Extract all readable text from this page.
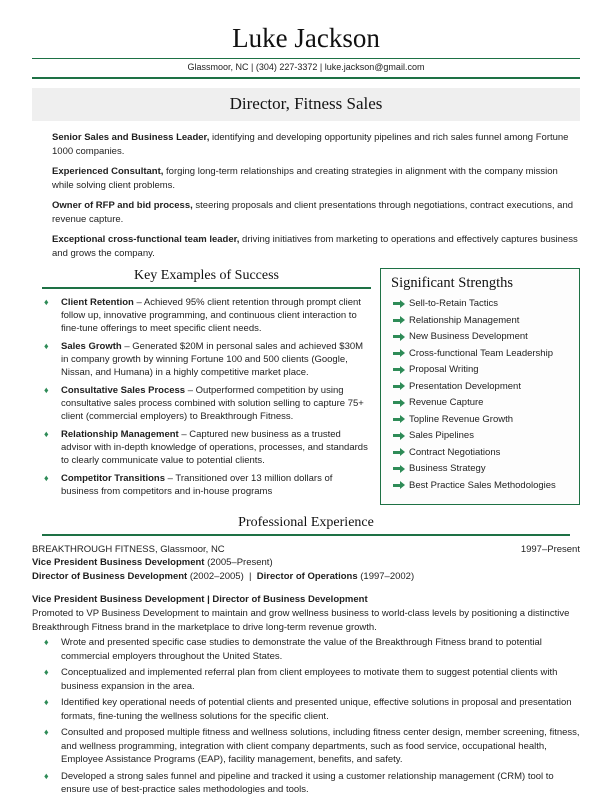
Luke Jackson
Glassmoor, NC | (304) 227-3372 | luke.jackson@gmail.com
Director, Fitness Sales

Senior Sales and Business Leader, identifying and developing opportunity pipelines and rich sales funnel among Fortune 1000 companies.

Experienced Consultant, forging long-term relationships and creating strategies in alignment with the company mission while solving client problems.

Owner of RFP and bid process, steering proposals and client presentations through negotiations, contract executions, and revenue capture.

Exceptional cross-functional team leader, driving initiatives from marketing to operations and effectively captures business and grows the company.

Key Examples of Success
♦	Client Retention – Achieved 95% client retention through prompt client follow up, innovative programming, and continuous client interaction to fine-tune offerings to meet specific client needs.
♦	Sales Growth – Generated $20M in personal sales and achieved $30M in company growth by winning Fortune 100 and 500 clients (Google, Nissan, and Humana) in a highly competitive market place.
♦	Consultative Sales Process – Outperformed competition by using consultative sales process combined with solution selling to capture 75+ client (commercial employers) to Breakthrough Fitness.
♦	Relationship Management – Captured new business as a trusted advisor with in-depth knowledge of operations, processes, and standards to clearly communicate value to potential clients.
♦	Competitor Transitions – Transitioned over 13 million dollars of business from competitors and in-house programs
Significant Strengths
Sell-to-Retain Tactics
Relationship Management
New Business Development
Cross-functional Team Leadership
Proposal Writing
Presentation Development
Revenue Capture
Topline Revenue Growth
Sales Pipelines
Contract Negotiations
Business Strategy
Best Practice Sales Methodologies
Professional Experience
BREAKTHROUGH FITNESS, Glassmoor, NC	1997–Present
Vice President Business Development (2005–Present)
Director of Business Development (2002–2005)  |  Director of Operations (1997–2002)
Vice President Business Development | Director of Business Development
Promoted to VP Business Development to maintain and grow wellness business to world-class levels by positioning a distinctive Breakthrough Fitness brand in the marketplace to drive long-term revenue growth.
♦	Wrote and presented specific case studies to demonstrate the value of the Breakthrough Fitness brand to potential commercial employers throughout the United States.
♦	Conceptualized and implemented referral plan from client employees to motivate them to suggest potential clients with business expansion in the area.
♦	Identified key operational needs of potential clients and presented unique, effective solutions in proposal and presentation formats, fine-tuning the wellness solutions for the specific client.
♦	Consulted and proposed multiple fitness and wellness solutions, including fitness center design, member screening, fitness, and wellness programming, integration with client company departments, such as food service, occupational health, Employee Assistance Programs (EAP), facility management, benefits, and safety.
♦	Developed a strong sales funnel and pipeline and tracked it using a customer relationship management (CRM) tool to ensure use of best-practice sales methodologies and tools.
